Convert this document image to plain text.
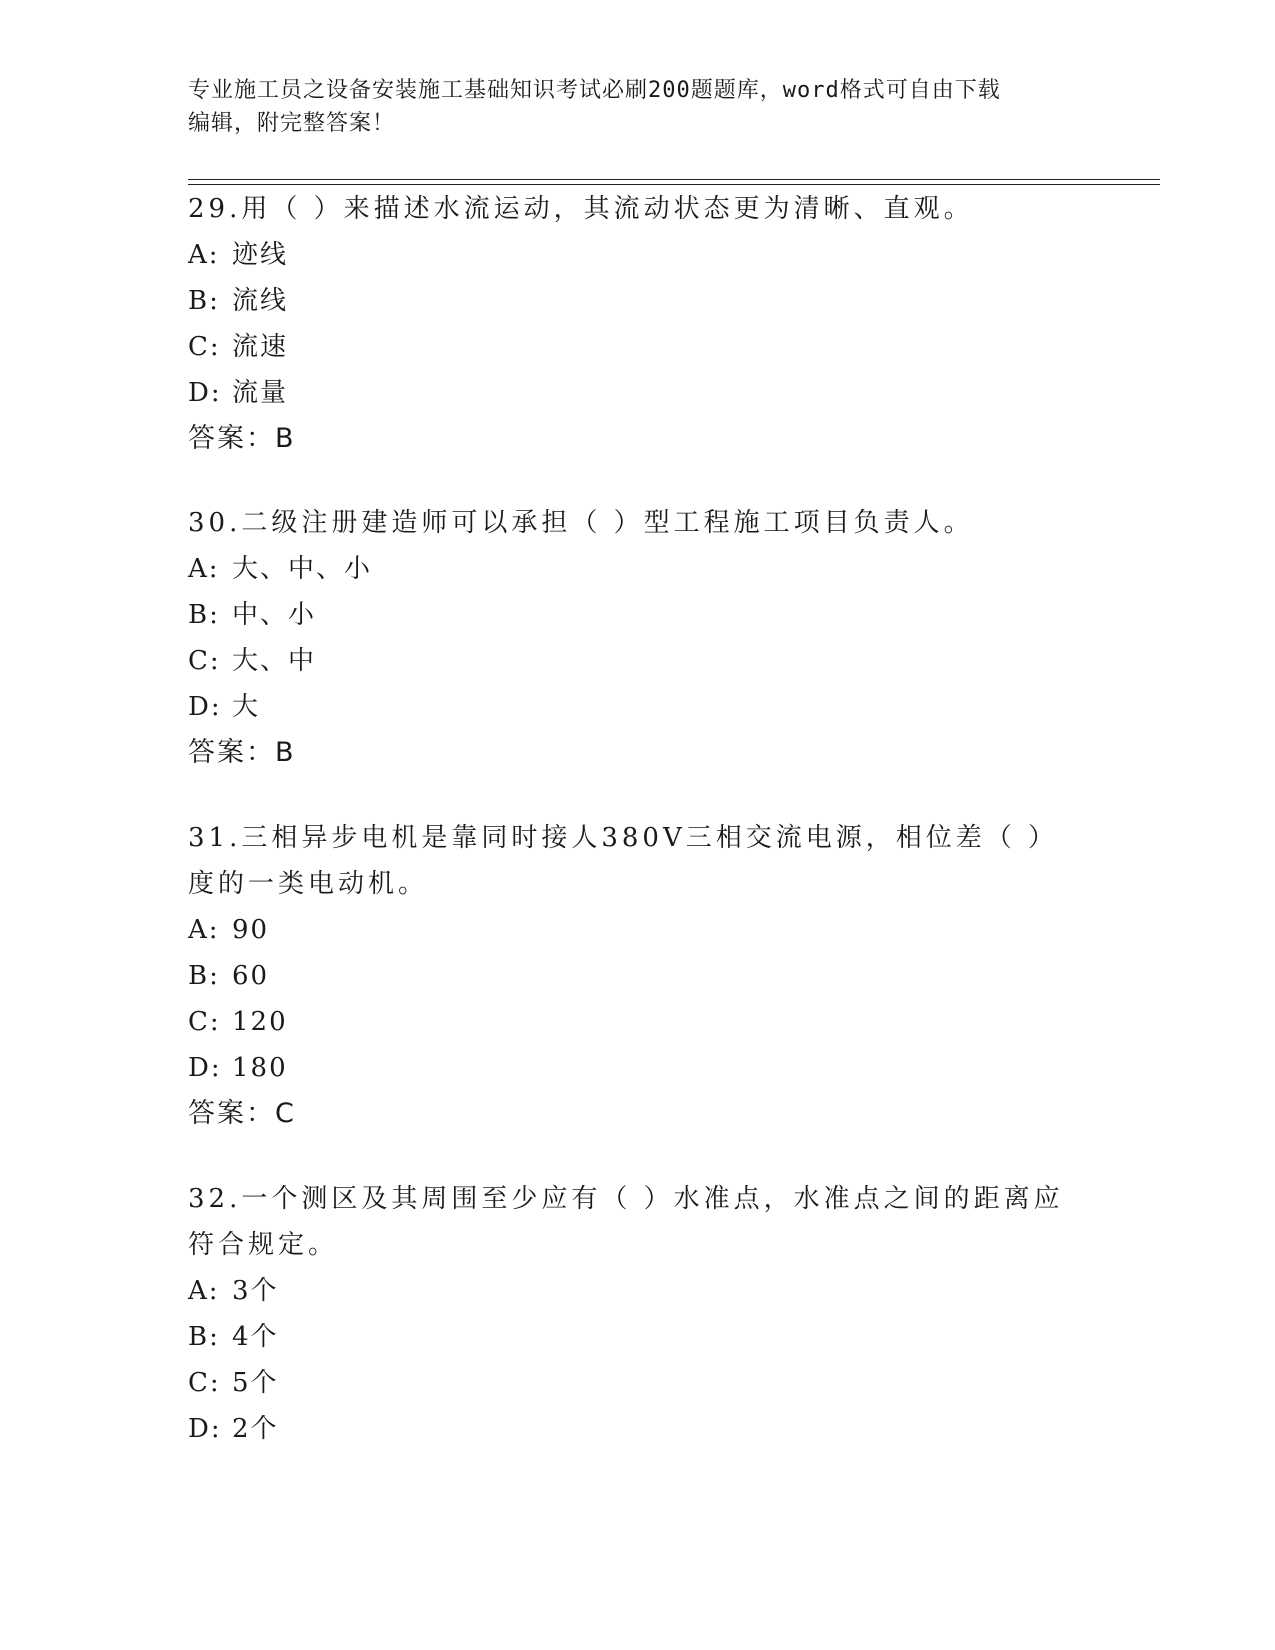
专业施工员之设备安装施工基础知识考试必刷200题题库，word格式可自由下载
编辑，附完整答案！

29.用（ ）来描述水流运动，其流动状态更为清晰、直观。

A: 迹线
B: 流线
C: 流速
D: 流量
答案：B

30.二级注册建造师可以承担（ ）型工程施工项目负责人。

A: 大、中、小
B: 中、小
C: 大、中
D: 大
答案：B

31.三相异步电机是靠同时接人380V三相交流电源，相位差（ ）度的一类电动机。

A: 90
B: 60
C: 120
D: 180
答案：C

32.一个测区及其周围至少应有（ ）水准点，水准点之间的距离应符合规定。

A: 3个
B: 4个
C: 5个
D: 2个
